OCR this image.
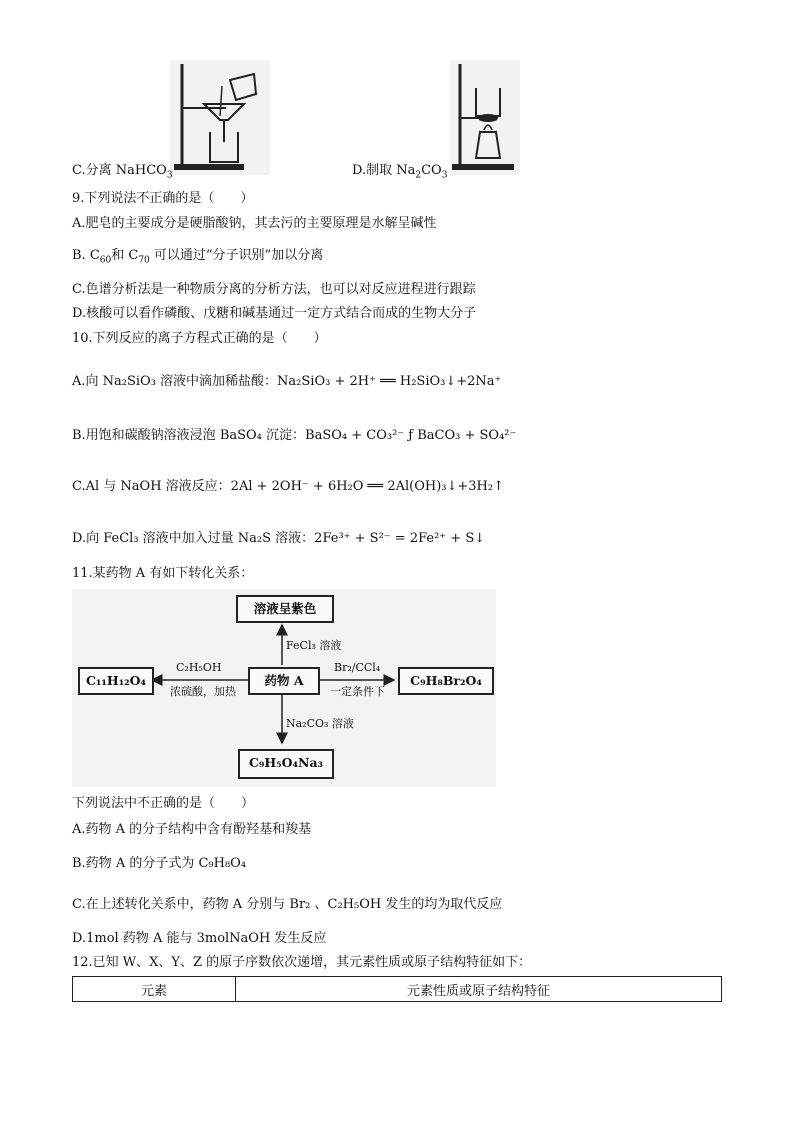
C.分离 NaHCO$_3$	D.制取 $Na_2CO_3$
9.下列说法不正确的是（　　）
A.肥皂的主要成分是硬脂酸钠，其去污的主要原理是水解呈碱性
B. $C_{60}$和 $C_{70}$ 可以通过“分子识别”加以分离
C.色谱分析法是一种物质分离的分析方法，也可以对反应进程进行跟踪
D.核酸可以看作磷酸、戊糖和碱基通过一定方式结合而成的生物大分子
10.下列反应的离子方程式正确的是（　　）
A.向 Na₂SiO₃ 溶液中滴加稀盐酸：Na₂SiO₃ + 2H⁺ ══ H₂SiO₃↓+2Na⁺
B.用饱和碳酸钠溶液浸泡 BaSO₄ 沉淀：BaSO₄ + CO₃²⁻ ƒ BaCO₃ + SO₄²⁻
C.Al 与 NaOH 溶液反应：2Al + 2OH⁻ + 6H₂O ══ 2Al(OH)₃↓+3H₂↑
D.向 FeCl₃ 溶液中加入过量 Na₂S 溶液：2Fe³⁺ + S²⁻ = 2Fe²⁺ + S↓
11.某药物 A 有如下转化关系：
溶液呈紫色
药物 A
C₁₁H₁₂O₄	C₉H₈Br₂O₄
C₉H₅O₄Na₃
FeCl₃ 溶液
C₂H₅OH
浓硫酸，加热
Br₂/CCl₄
一定条件下
Na₂CO₃ 溶液
下列说法中不正确的是（　　）
A.药物 A 的分子结构中含有酚羟基和羧基
B.药物 A 的分子式为 C₉H₈O₄
C.在上述转化关系中，药物 A 分别与 Br₂ 、C₂H₅OH 发生的均为取代反应
D.1mol 药物 A 能与 3molNaOH 发生反应
12.已知 W、X、Y、Z 的原子序数依次递增，其元素性质或原子结构特征如下：
元素	元素性质或原子结构特征
